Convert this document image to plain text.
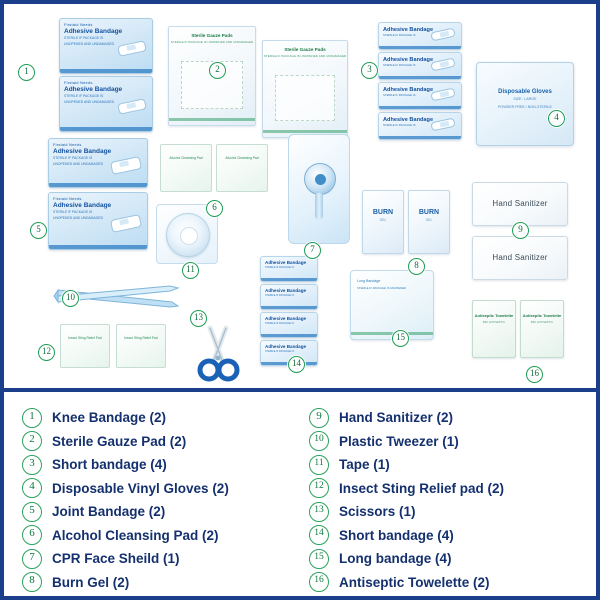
Firstaid Needs
Adhesive Bandage
STERILE IF PACKAGE IS
UNOPENED AND UNDAMAGED
Firstaid Needs
Adhesive Bandage
STERILE IF PACKAGE IS
UNOPENED AND UNDAMAGED
Sterile Gauze Pads
STERILE IF PACKAGE IS UNOPENED AND UNDAMAGED
Sterile Gauze Pads
STERILE IF PACKAGE IS UNOPENED AND UNDAMAGED
Adhesive Bandage
STERILE IF PACKAGE IS
Adhesive Bandage
STERILE IF PACKAGE IS
Adhesive Bandage
STERILE IF PACKAGE IS
Adhesive Bandage
STERILE IF PACKAGE IS
Disposable Gloves
SIZE : LARGE
POWDER FREE / NON-STERILE
Firstaid Needs
Adhesive Bandage
STERILE IF PACKAGE IS
UNOPENED AND UNDAMAGED
Firstaid Needs
Adhesive Bandage
STERILE IF PACKAGE IS
UNOPENED AND UNDAMAGED
Alcohol Cleansing Pad	Alcohol Cleansing Pad
BURN
GEL
BURN
GEL
Hand Sanitizer
Hand Sanitizer
Insect Sting Relief Pad	Insect Sting Relief Pad
Adhesive Bandage
STERILE IF PACKAGE IS
Adhesive Bandage
STERILE IF PACKAGE IS
Adhesive Bandage
STERILE IF PACKAGE IS
Adhesive Bandage
STERILE IF PACKAGE IS
Long Bandage
STERILE IF PACKAGE IS UNOPENED
Antiseptic Towelette
BZK ANTISEPTIC
Antiseptic Towelette
BZK ANTISEPTIC
1	2	3
4
5
6
7
8
9
10
11
12
13
14
15
16
1	Knee Bandage (2)
2	Sterile Gauze Pad (2)
3	Short bandage (4)
4	Disposable Vinyl Gloves (2)
5	Joint Bandage (2)
6	Alcohol Cleansing Pad (2)
7	CPR Face Sheild (1)
8	Burn Gel (2)
9	Hand Sanitizer (2)
10	Plastic Tweezer (1)
11	Tape (1)
12	Insect Sting Relief pad (2)
13	Scissors (1)
14	Short bandage (4)
15	Long bandage (4)
16	Antiseptic Towelette (2)
